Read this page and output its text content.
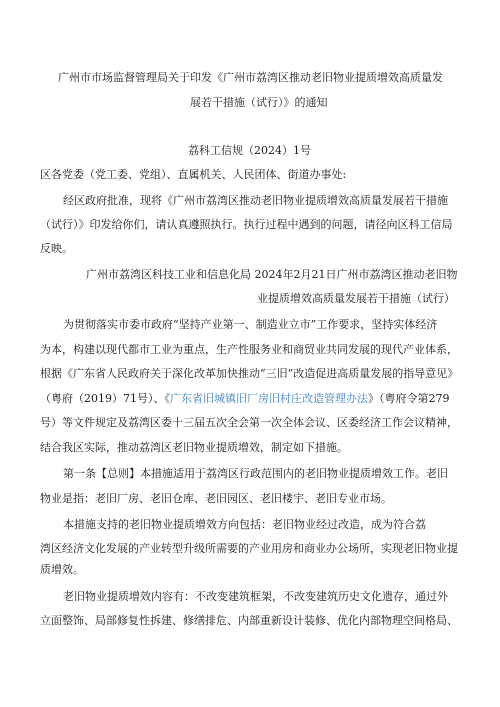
广州市市场监督管理局关于印发《广州市荔湾区推动老旧物业提质增效高质量发
展若干措施（试行）》的通知
荔科工信规（2024）1号
区各党委（党工委、党组）、直属机关、人民团体、街道办事处:
经区政府批准，现将《广州市荔湾区推动老旧物业提质增效高质量发展若干措施
（试行）》印发给你们，请认真遵照执行。执行过程中遇到的问题，请径向区科工信局
反映。
广州市荔湾区科技工业和信息化局 2024年2月21日广州市荔湾区推动老旧物
业提质增效高质量发展若干措施（试行）
为贯彻落实市委市政府“坚持产业第一、制造业立市”工作要求，坚持实体经济
为本，构建以现代都市工业为重点，生产性服务业和商贸业共同发展的现代产业体系，
根据《广东省人民政府关于深化改革加快推动“三旧”改造促进高质量发展的指导意见》
（粤府（2019）71号）、《广东省旧城镇旧厂房旧村庄改造管理办法》（粤府令第279
号）等文件规定及荔湾区委十三届五次全会第一次全体会议、区委经济工作会议精神，
结合我区实际，推动荔湾区老旧物业提质增效，制定如下措施。
第一条【总则】本措施适用于荔湾区行政范围内的老旧物业提质增效工作。老旧
物业是指：老旧厂房、老旧仓库、老旧园区、老旧楼宇、老旧专业市场。
本措施支持的老旧物业提质增效方向包括：老旧物业经过改造，成为符合荔
湾区经济文化发展的产业转型升级所需要的产业用房和商业办公场所，实现老旧物业提
质增效。
老旧物业提质增效内容有：不改变建筑框架，不改变建筑历史文化遗存，通过外
立面整饰、局部修复性拆建、修缮排危、内部重新设计装修、优化内部物理空间格局、
